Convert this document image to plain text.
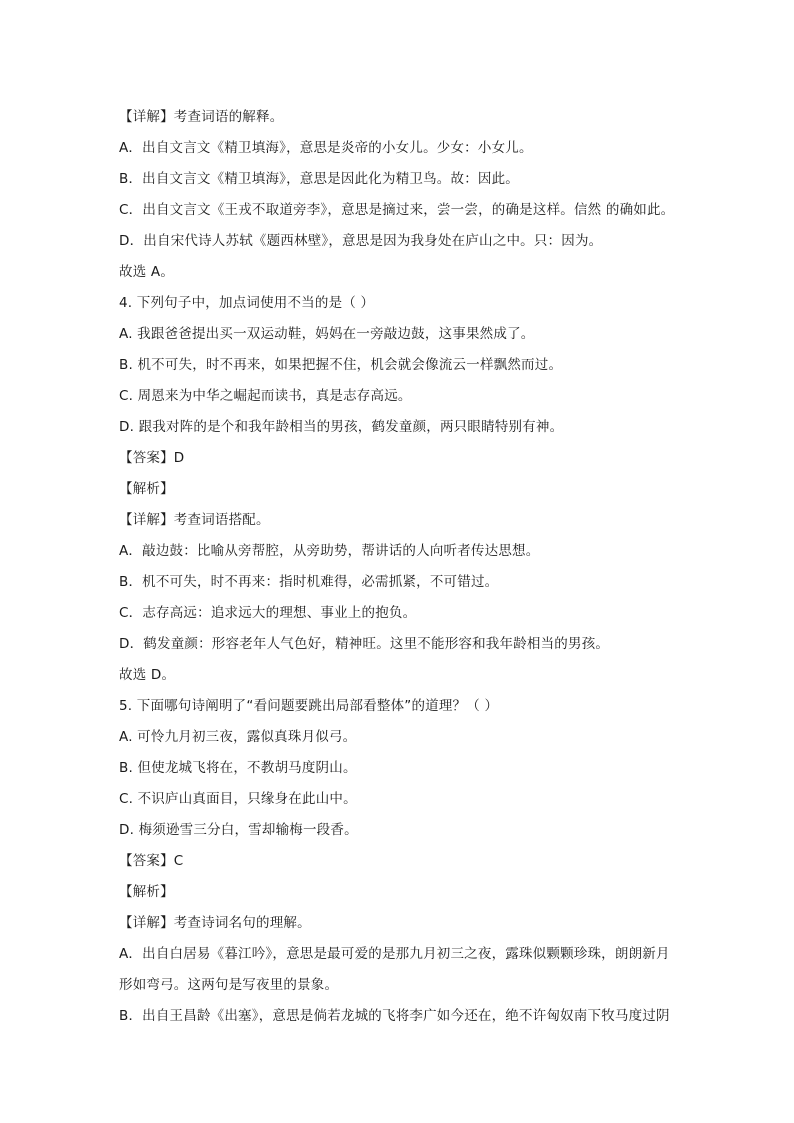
【详解】考查词语的解释。
A．出自文言文《精卫填海》，意思是炎帝的小女儿。少女：小女儿。
B．出自文言文《精卫填海》，意思是因此化为精卫鸟。故：因此。
C．出自文言文《王戎不取道旁李》，意思是摘过来，尝一尝，的确是这样。信然 的确如此。
D．出自宋代诗人苏轼《题西林壁》，意思是因为我身处在庐山之中。只：因为。
故选 A。
4. 下列句子中，加点词使用不当的是（ ）
A. 我跟爸爸提出买一双运动鞋，妈妈在一旁敲边鼓，这事果然成了。
B. 机不可失，时不再来，如果把握不住，机会就会像流云一样飘然而过。
C. 周恩来为中华之崛起而读书，真是志存高远。
D. 跟我对阵的是个和我年龄相当的男孩，鹤发童颜，两只眼睛特别有神。
【答案】D
【解析】
【详解】考查词语搭配。
A．敲边鼓：比喻从旁帮腔，从旁助势，帮讲话的人向听者传达思想。
B．机不可失，时不再来：指时机难得，必需抓紧，不可错过。
C．志存高远：追求远大的理想、事业上的抱负。
D．鹤发童颜：形容老年人气色好，精神旺。这里不能形容和我年龄相当的男孩。
故选 D。
5. 下面哪句诗阐明了“看问题要跳出局部看整体”的道理？（ ）
A. 可怜九月初三夜，露似真珠月似弓。
B. 但使龙城飞将在，不教胡马度阴山。
C. 不识庐山真面目，只缘身在此山中。
D. 梅须逊雪三分白，雪却输梅一段香。
【答案】C
【解析】
【详解】考查诗词名句的理解。
A．出自白居易《暮江吟》，意思是最可爱的是那九月初三之夜，露珠似颗颗珍珠，朗朗新月
形如弯弓。这两句是写夜里的景象。
B．出自王昌龄《出塞》，意思是倘若龙城的飞将李广如今还在，绝不许匈奴南下牧马度过阴
